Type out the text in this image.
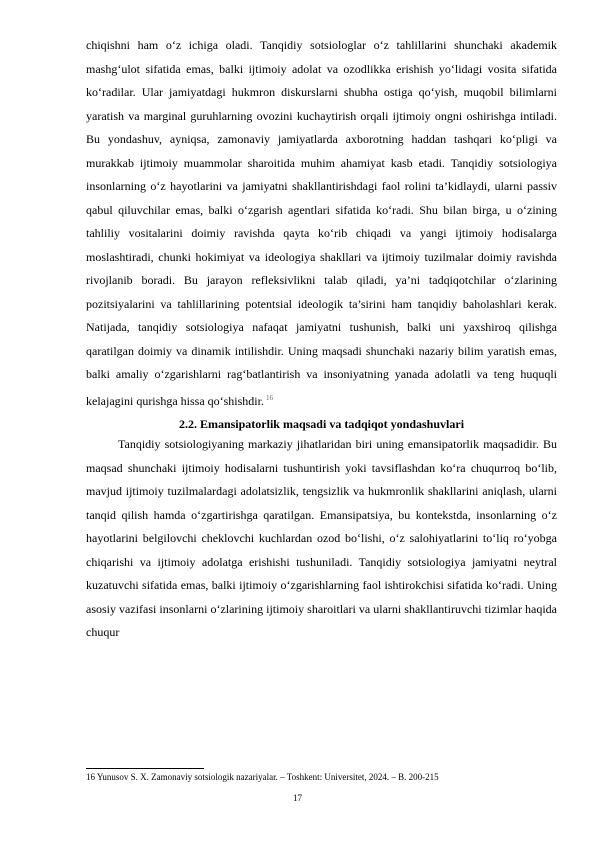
chiqishni ham o‘z ichiga oladi. Tanqidiy sotsiologlar o‘z tahlillarini shunchaki akademik mashg‘ulot sifatida emas, balki ijtimoiy adolat va ozodlikka erishish yo‘lidagi vosita sifatida ko‘radilar. Ular jamiyatdagi hukmron diskurslarni shubha ostiga qo‘yish, muqobil bilimlarni yaratish va marginal guruhlarning ovozini kuchaytirish orqali ijtimoiy ongni oshirishga intiladi. Bu yondashuv, ayniqsa, zamonaviy jamiyatlarda axborotning haddan tashqari ko‘pligi va murakkab ijtimoiy muammolar sharoitida muhim ahamiyat kasb etadi. Tanqidiy sotsiologiya insonlarning o‘z hayotlarini va jamiyatni shakllantirishdagi faol rolini ta’kidlaydi, ularni passiv qabul qiluvchilar emas, balki o‘zgarish agentlari sifatida ko‘radi. Shu bilan birga, u o‘zining tahliliy vositalarini doimiy ravishda qayta ko‘rib chiqadi va yangi ijtimoiy hodisalarga moslashtiradi, chunki hokimiyat va ideologiya shakllari va ijtimoiy tuzilmalar doimiy ravishda rivojlanib boradi. Bu jarayon refleksivlikni talab qiladi, ya’ni tadqiqotchilar o‘zlarining pozitsiyalarini va tahlillarining potentsial ideologik ta’sirini ham tanqidiy baholashlari kerak. Natijada, tanqidiy sotsiologiya nafaqat jamiyatni tushunish, balki uni yaxshiroq qilishga qaratilgan doimiy va dinamik intilishdir. Uning maqsadi shunchaki nazariy bilim yaratish emas, balki amaliy o‘zgarishlarni rag‘batlantirish va insoniyatning yanada adolatli va teng huquqli kelajagini qurishga hissa qo‘shishdir. $^{16}$

2.2. Emansipatorlik maqsadi va tadqiqot yondashuvlari

Tanqidiy sotsiologiyaning markaziy jihatlaridan biri uning emansipatorlik maqsadidir. Bu maqsad shunchaki ijtimoiy hodisalarni tushuntirish yoki tavsiflashdan ko‘ra chuqurroq bo‘lib, mavjud ijtimoiy tuzilmalardagi adolatsizlik, tengsizlik va hukmronlik shakllarini aniqlash, ularni tanqid qilish hamda o‘zgartirishga qaratilgan. Emansipatsiya, bu kontekstda, insonlarning o‘z hayotlarini belgilovchi cheklovchi kuchlardan ozod bo‘lishi, o‘z salohiyatlarini to‘liq ro‘yobga chiqarishi va ijtimoiy adolatga erishishi tushuniladi. Tanqidiy sotsiologiya jamiyatni neytral kuzatuvchi sifatida emas, balki ijtimoiy o‘zgarishlarning faol ishtirokchisi sifatida ko‘radi. Uning asosiy vazifasi insonlarni o‘zlarining ijtimoiy sharoitlari va ularni shakllantiruvchi tizimlar haqida chuqur

16 Yunusov S. X. Zamonaviy sotsiologik nazariyalar. – Toshkent: Universitet, 2024. – B. 200-215
17
